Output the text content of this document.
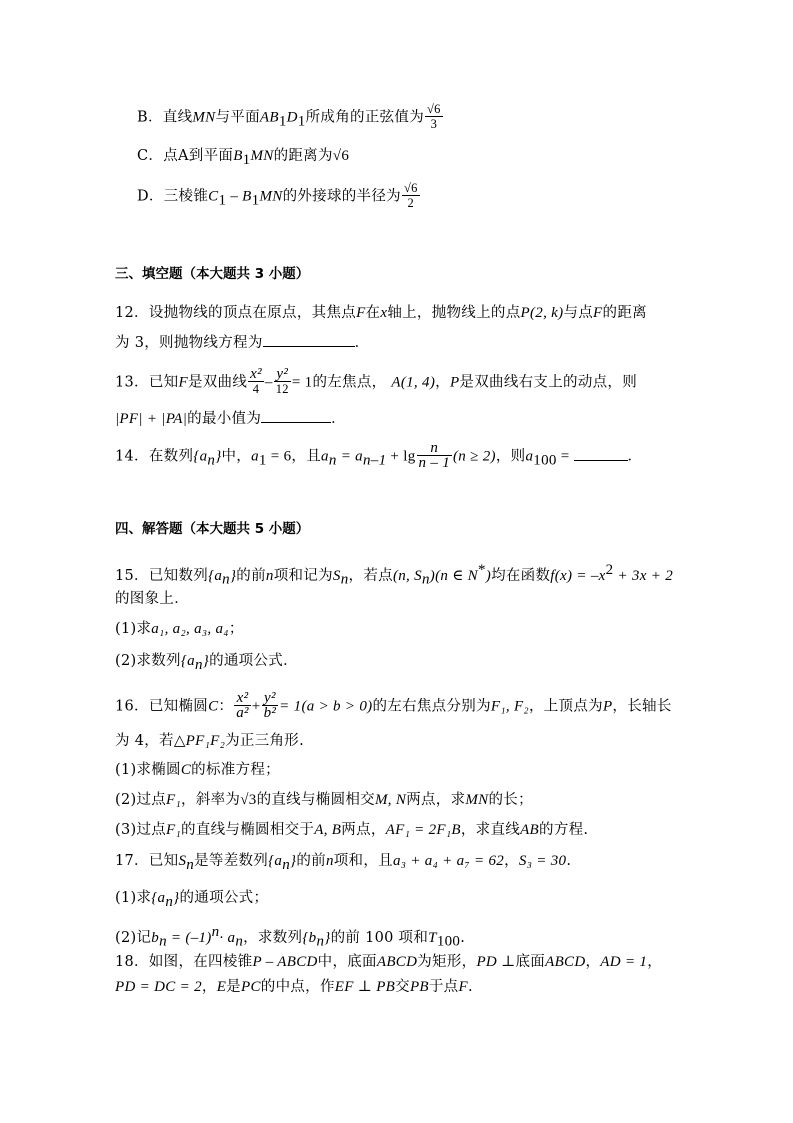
B．直线MN与平面$AB_1D_1$所成角的正弦值为 $\frac{√6}{3}$
C．点A到平面$B_1MN$的距离为√6
D．三棱锥$C_1 - B_1MN$的外接球的半径为 $\frac{√6}{2}$
三、填空题（本大题共 3 小题）
12．设抛物线的顶点在原点，其焦点F在x轴上，抛物线上的点P(2, k)与点F的距离
为 3，则抛物线方程为	．
13．已知F是双曲线 $\frac{\text{x²}}{4} - \frac{\text{y²}}{12} = 1$的左焦点， A(1, 4)，P是双曲线右支上的动点，则
|PF| + |PA|的最小值为	．
14．在数列$\{a_n\}$中，$a_1 = 6$，且$a_n = a_{n-1} + \lg \frac{n}{n - 1} (n \ge 2)$，则$a_{100}$ =	．
四、解答题（本大题共 5 小题）
15．已知数列$\{a_n\}$的前n项和记为$S_n$，若点(n, $S_n)(n$ ∈ N*)均在函数$f(x) = -x^2 + 3x + 2$
的图象上．
(1)求a₁, a₂, a₃, a₄；
(2)求数列$\{a_n\}$的通项公式．
16．已知椭圆C： $\frac{\text{x²}}{\text{a²}} + \frac{\text{y²}}{\text{b²}} = 1(a > b > 0)$的左右焦点分别为F₁, F₂，上顶点为P，长轴长
为 4，若△PF₁F₂为正三角形.
(1)求椭圆C的标准方程；
(2)过点F₁，斜率为√3的直线与椭圆相交M, N两点，求MN的长；
(3)过点F₁的直线与椭圆相交于A, B两点，AF₁ = 2F₁B，求直线AB的方程.
17．已知$S_n$是等差数列$\{a_n\}$的前n项和，且a₃ + a₄ + a₇ = 62，S₃ = 30.
(1)求$\{a_n\}$的通项公式；
(2)记$b_n = (-1)^n\cdot a_n$，求数列$\{b_n\}$的前 100 项和$T_{100}$.
18．如图，在四棱锥P – ABCD中，底面ABCD为矩形，PD ⊥底面ABCD，AD = 1，
PD = DC = 2，E是PC的中点，作EF ⊥ PB交PB于点F.
